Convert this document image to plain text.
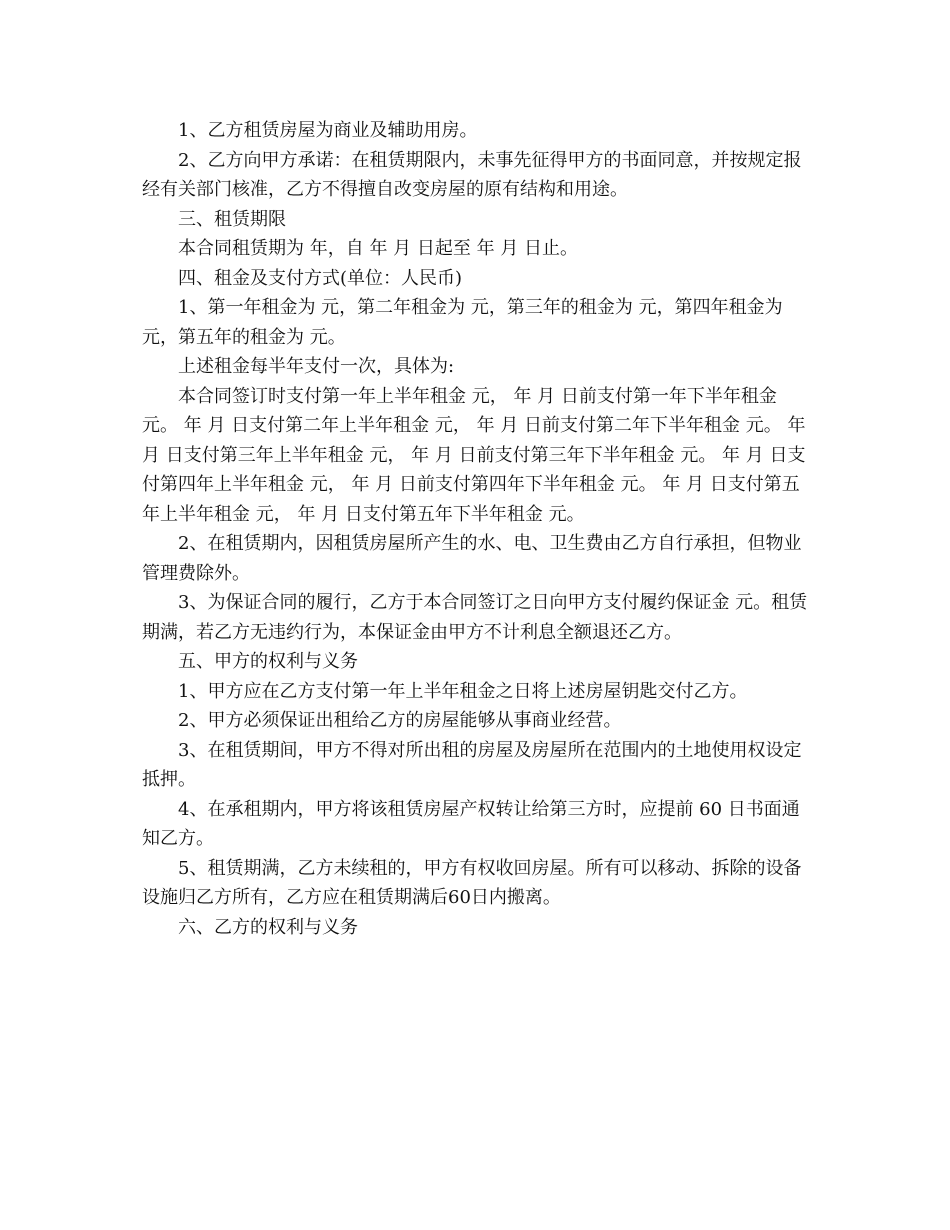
1、乙方租赁房屋为商业及辅助用房。

2、乙方向甲方承诺：在租赁期限内，未事先征得甲方的书面同意，并按规定报经有关部门核准，乙方不得擅自改变房屋的原有结构和用途。

三、租赁期限

本合同租赁期为 年，自 年 月 日起至 年 月 日止。

四、租金及支付方式(单位：人民币)

1、第一年租金为 元，第二年租金为 元，第三年的租金为 元，第四年租金为 元，第五年的租金为 元。

上述租金每半年支付一次，具体为:

本合同签订时支付第一年上半年租金 元， 年 月 日前支付第一年下半年租金 元。 年 月 日支付第二年上半年租金 元， 年 月 日前支付第二年下半年租金 元。 年 月 日支付第三年上半年租金 元， 年 月 日前支付第三年下半年租金 元。 年 月 日支付第四年上半年租金 元， 年 月 日前支付第四年下半年租金 元。 年 月 日支付第五年上半年租金 元， 年 月 日支付第五年下半年租金 元。

2、在租赁期内，因租赁房屋所产生的水、电、卫生费由乙方自行承担，但物业管理费除外。

3、为保证合同的履行，乙方于本合同签订之日向甲方支付履约保证金 元。租赁期满，若乙方无违约行为，本保证金由甲方不计利息全额退还乙方。

五、甲方的权利与义务

1、甲方应在乙方支付第一年上半年租金之日将上述房屋钥匙交付乙方。

2、甲方必须保证出租给乙方的房屋能够从事商业经营。

3、在租赁期间，甲方不得对所出租的房屋及房屋所在范围内的土地使用权设定抵押。

4、在承租期内，甲方将该租赁房屋产权转让给第三方时，应提前 60 日书面通知乙方。

5、租赁期满，乙方未续租的，甲方有权收回房屋。所有可以移动、拆除的设备设施归乙方所有，乙方应在租赁期满后60日内搬离。

六、乙方的权利与义务
